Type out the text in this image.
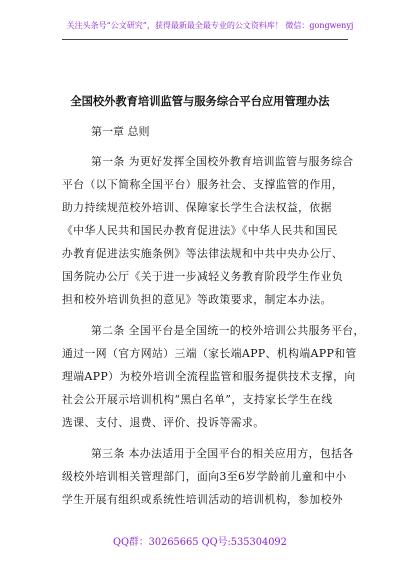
关注头条号“公文研究”，获得最新最全最专业的公文资料库！ 微信：gongwenyj
全国校外教育培训监管与服务综合平台应用管理办法
第一章 总则
第一条 为更好发挥全国校外教育培训监管与服务综合
平台（以下简称全国平台）服务社会、支撑监管的作用，
助力持续规范校外培训、保障家长学生合法权益，依据
《中华人民共和国民办教育促进法》《中华人民共和国民
办教育促进法实施条例》等法律法规和中共中央办公厅、
国务院办公厅《关于进一步减轻义务教育阶段学生作业负
担和校外培训负担的意见》等政策要求，制定本办法。
第二条 全国平台是全国统一的校外培训公共服务平台，
通过一网（官方网站）三端（家长端APP、机构端APP和管
理端APP）为校外培训全流程监管和服务提供技术支撑，向
社会公开展示培训机构“黑白名单”，支持家长学生在线
选课、支付、退费、评价、投诉等需求。
第三条 本办法适用于全国平台的相关应用方，包括各
级校外培训相关管理部门，面向3至6岁学龄前儿童和中小
学生开展有组织或系统性培训活动的培训机构，参加校外
QQ群：30265665 QQ号:535304092
